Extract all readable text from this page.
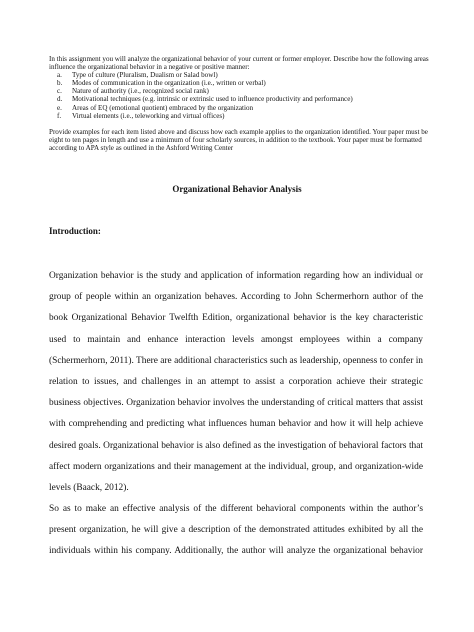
In this assignment you will analyze the organizational behavior of your current or former employer. Describe how the following areas influence the organizational behavior in a negative or positive manner:

a.	Type of culture (Pluralism, Dualism or Salad bowl)
b.	Modes of communication in the organization (i.e., written or verbal)
c.	Nature of authority (i.e., recognized social rank)
d.	Motivational techniques (e.g. intrinsic or extrinsic used to influence productivity and performance)
e.	Areas of EQ (emotional quotient) embraced by the organization
f.	Virtual elements (i.e., teleworking and virtual offices)

Provide examples for each item listed above and discuss how each example applies to the organization identified. Your paper must be eight to ten pages in length and use a minimum of four scholarly sources, in addition to the textbook. Your paper must be formatted according to APA style as outlined in the Ashford Writing Center

Organizational Behavior Analysis
Introduction:

Organization behavior is the study and application of information regarding how an individual or
group of people within an organization behaves. According to John Schermerhorn author of the
book Organizational Behavior Twelfth Edition, organizational behavior is the key characteristic
used to maintain and enhance interaction levels amongst employees within a company
(Schermerhorn, 2011). There are additional characteristics such as leadership, openness to confer in
relation to issues, and challenges in an attempt to assist a corporation achieve their strategic
business objectives. Organization behavior involves the understanding of critical matters that assist
with comprehending and predicting what influences human behavior and how it will help achieve
desired goals. Organizational behavior is also defined as the investigation of behavioral factors that
affect modern organizations and their management at the individual, group, and organization-wide
levels (Baack, 2012).

So as to make an effective analysis of the different behavioral components within the author’s
present organization, he will give a description of the demonstrated attitudes exhibited by all the
individuals within his company. Additionally, the author will analyze the organizational behavior
